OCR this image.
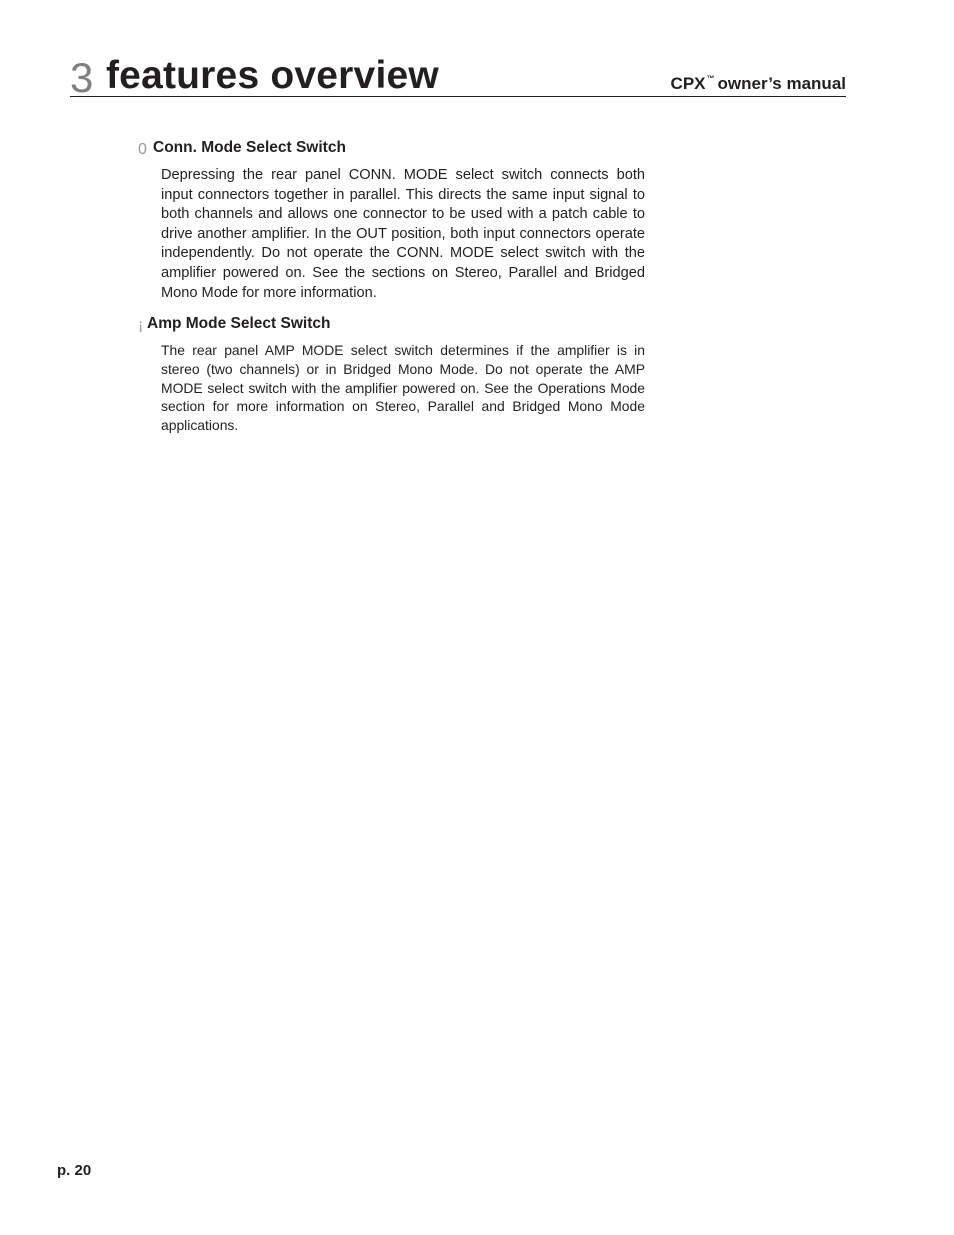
3 features overview	CPX™ owner’s manual
0 Conn. Mode Select Switch

Depressing the rear panel CONN. MODE select switch connects both input connectors together in parallel. This directs the same input signal to both channels and allows one connector to be used with a patch cable to drive another amplifier. In the OUT position, both input connectors operate independently. Do not operate the CONN. MODE select switch with the amplifier powered on. See the sections on Stereo, Parallel and Bridged Mono Mode for more information.

¡ Amp Mode Select Switch

The rear panel AMP MODE select switch determines if the amplifier is in stereo (two channels) or in Bridged Mono Mode. Do not operate the AMP MODE select switch with the amplifier powered on. See the Operations Mode section for more information on Stereo, Parallel and Bridged Mono Mode applications.

p. 20
